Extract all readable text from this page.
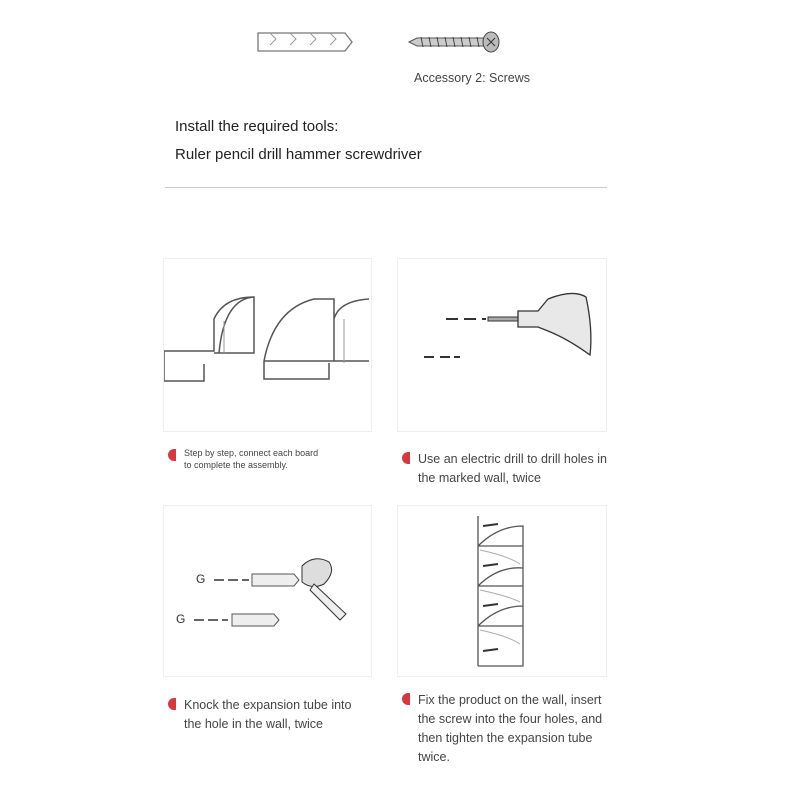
Accessory 2: Screws
Install the required tools:
Ruler pencil drill hammer screwdriver
Step by step, connect each board to complete the assembly.	Use an electric drill to drill holes in the marked wall, twice
G
G
Knock the expansion tube into the hole in the wall, twice
Fix the product on the wall, insert the screw into the four holes, and then tighten the expansion tube twice.
